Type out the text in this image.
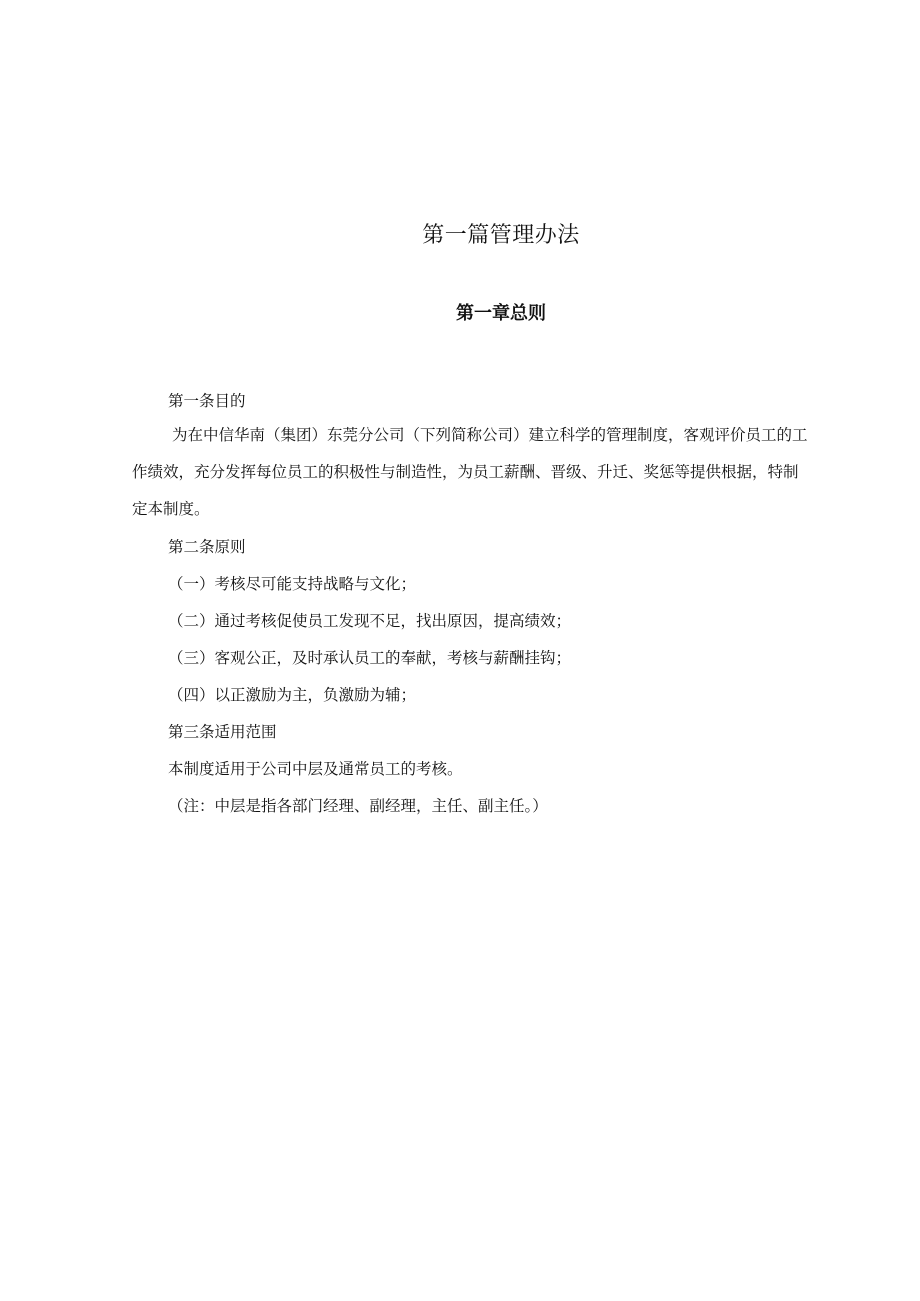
第一篇管理办法
第一章总则
第一条目的
为在中信华南（集团）东莞分公司（下列简称公司）建立科学的管理制度，客观评价员工的工
作绩效，充分发挥每位员工的积极性与制造性，为员工薪酬、晋级、升迁、奖惩等提供根据，特制
定本制度。
第二条原则
（一）考核尽可能支持战略与文化；
（二）通过考核促使员工发现不足，找出原因，提高绩效；
（三）客观公正，及时承认员工的奉献，考核与薪酬挂钩；
（四）以正激励为主，负激励为辅；
第三条适用范围
本制度适用于公司中层及通常员工的考核。
（注：中层是指各部门经理、副经理，主任、副主任。）
